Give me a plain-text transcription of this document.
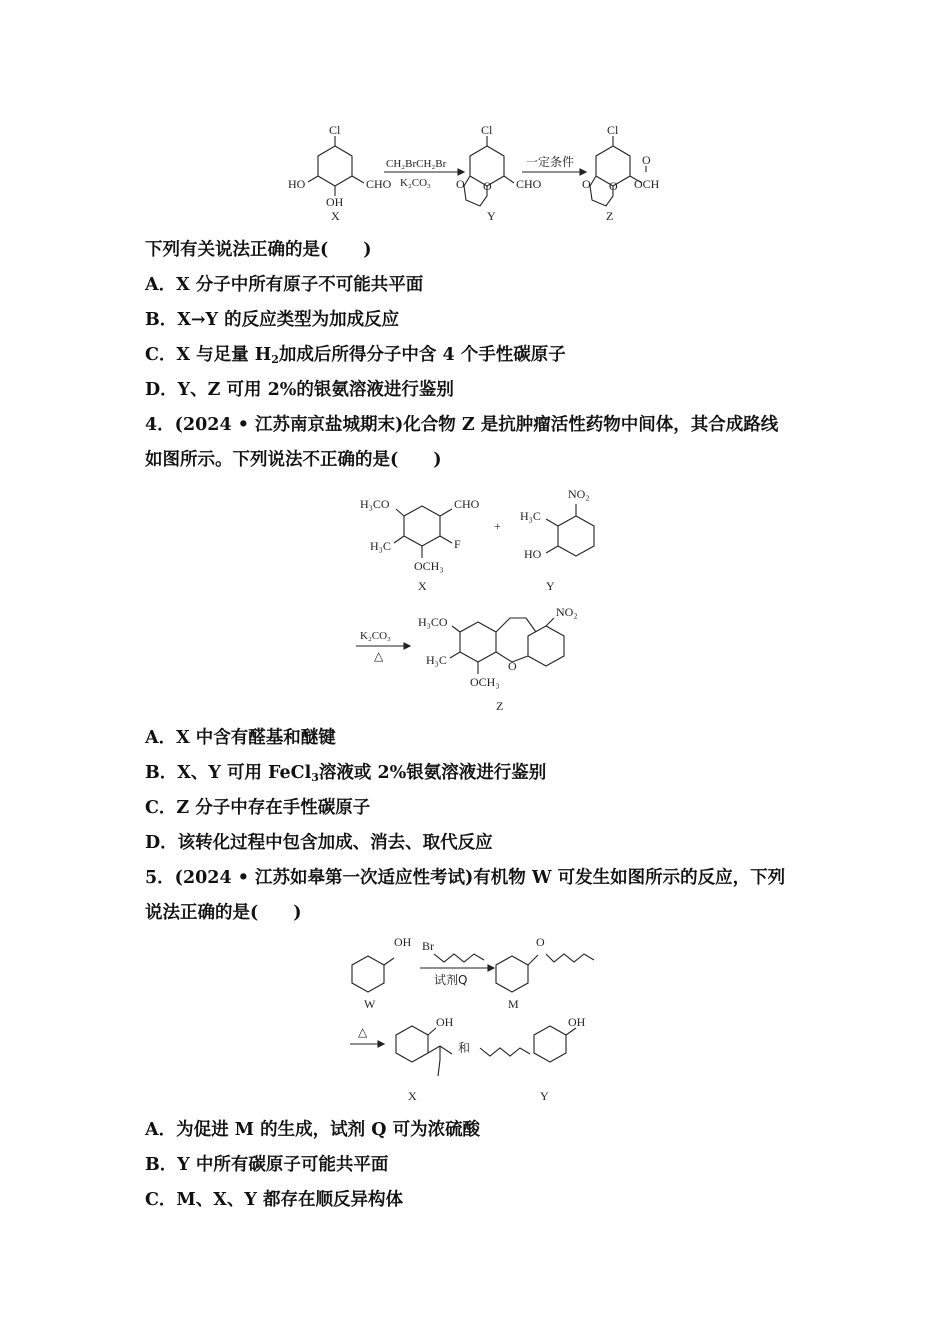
Cl
HO	CHO
OH
X
CH₂BrCH₂Br
K₂CO₃
Cl
CHO
O O
Y
一定条件
Cl
O
OCH
O O
Z
下列有关说法正确的是(　　)
A．X 分子中所有原子不可能共平面
B．X→Y 的反应类型为加成反应
C．X 与足量 $H_2$加成后所得分子中含 4 个手性碳原子
D．Y、Z 可用 2%的银氨溶液进行鉴别
4．(2024 • 江苏南京盐城期末)化合物 Z 是抗肿瘤活性药物中间体，其合成路线
如图所示。下列说法不正确的是(　　)
H₃CO	CHO
H₃C	F
OCH₃
X
+
NO₂
H₃C
HO
Y
K₂CO₃
△
H₃CO
NO₂
H₃C	O
OCH₃
Z
A．X 中含有醛基和醚键
B．X、Y 可用 FeCl$_3$溶液或 2%银氨溶液进行鉴别
C．Z 分子中存在手性碳原子
D．该转化过程中包含加成、消去、取代反应
5．(2024 • 江苏如皋第一次适应性考试)有机物 W 可发生如图所示的反应，下列
说法正确的是(　　)
OH
W
Br
试剂Q
O
M
△
OH
X
和
OH
Y
A．为促进 M 的生成，试剂 Q 可为浓硫酸
B．Y 中所有碳原子可能共平面
C．M、X、Y 都存在顺反异构体
